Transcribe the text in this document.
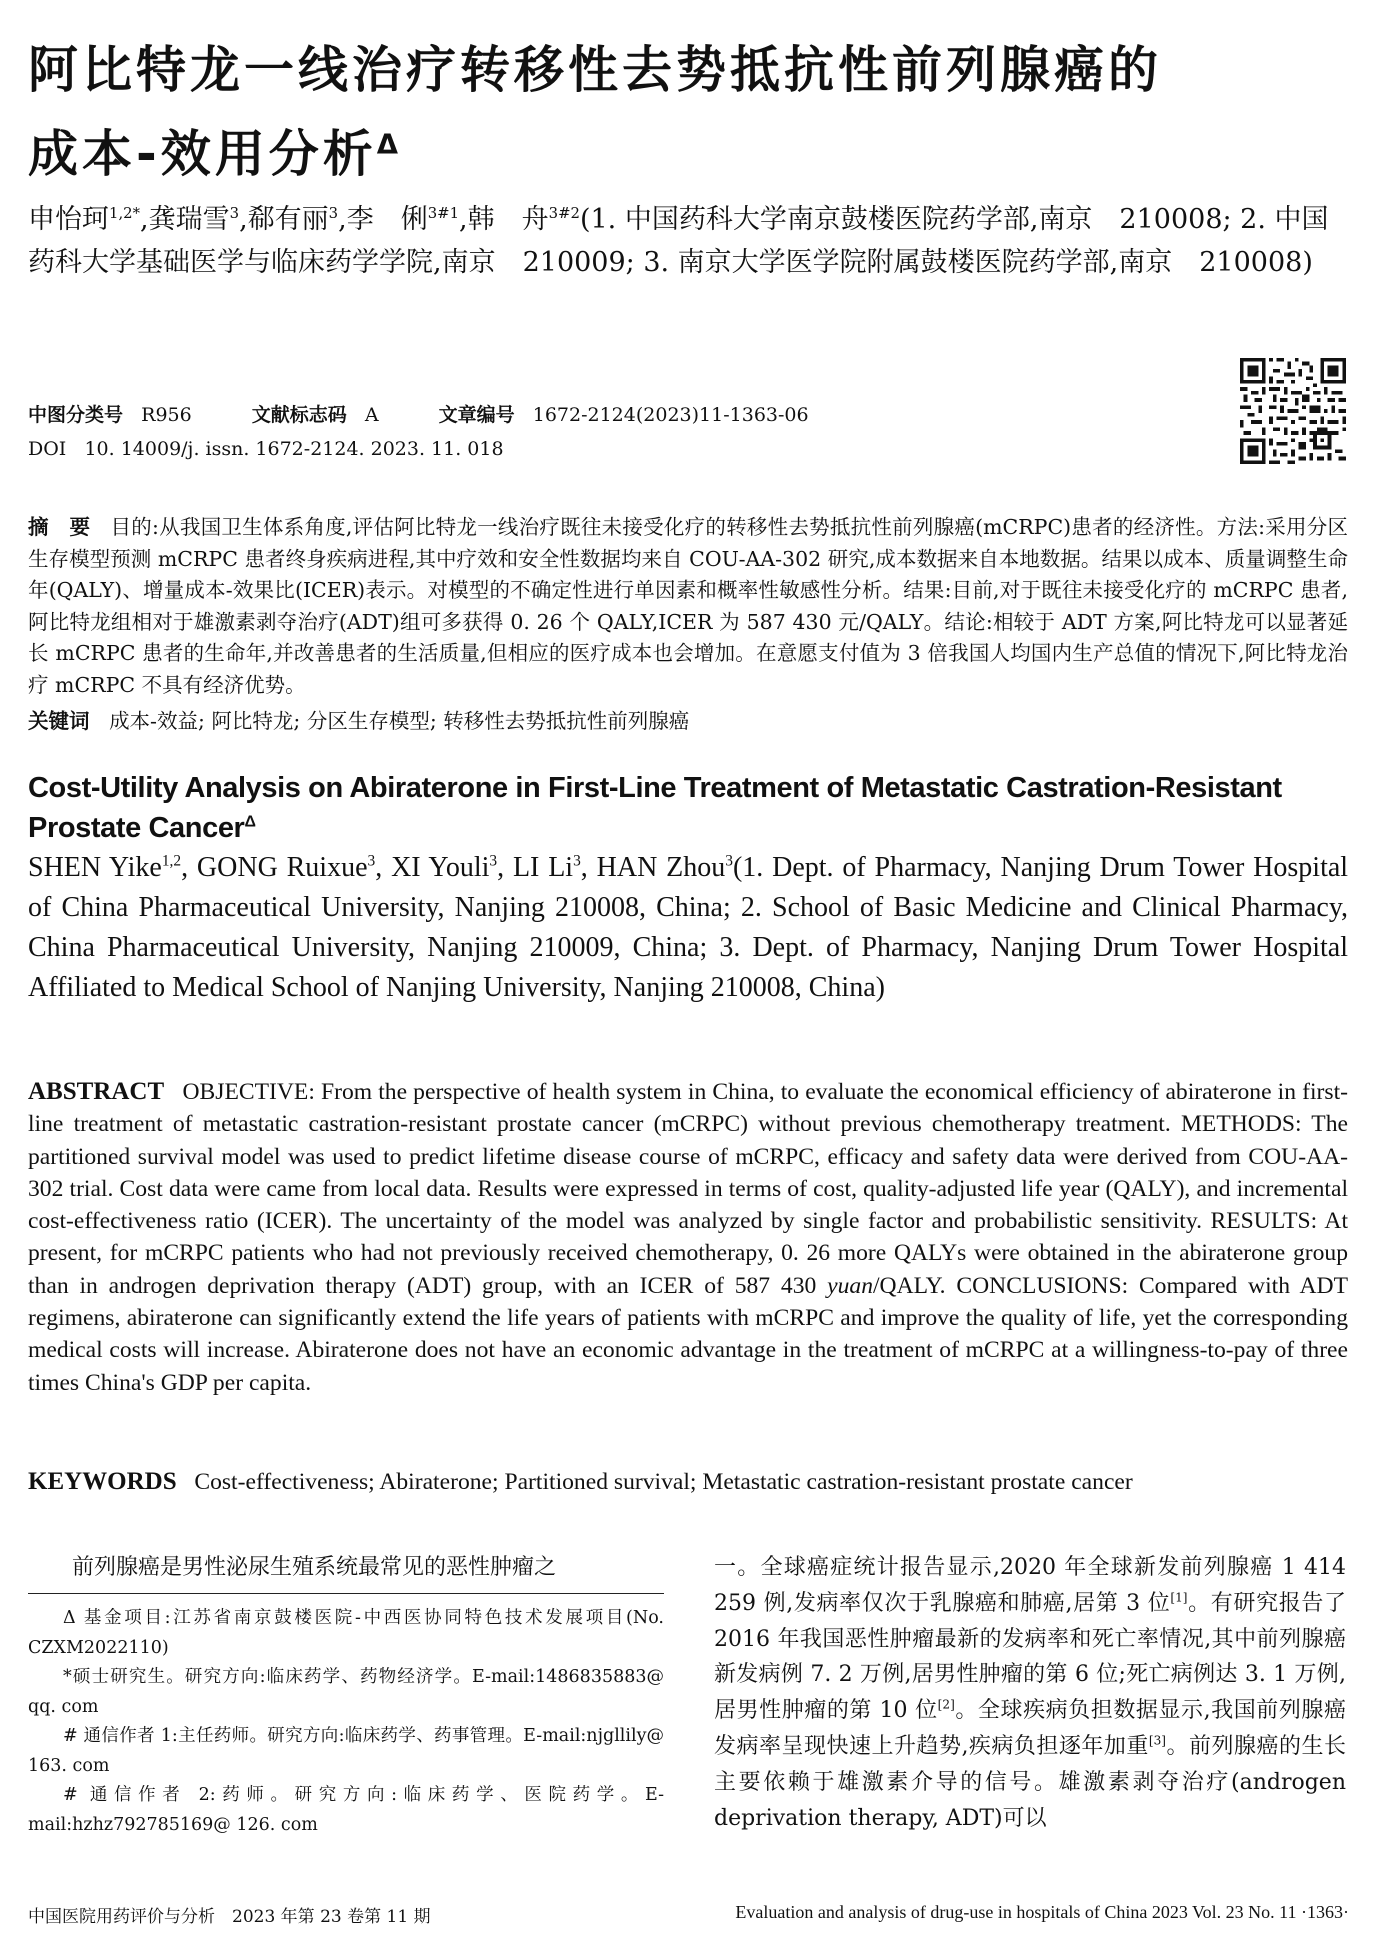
阿比特龙一线治疗转移性去势抵抗性前列腺癌的
成本-效用分析$^\Delta$
申怡珂$^{1,2*}$,龚瑞雪$^3$,郗有丽$^3$,李　俐$^{3\#1}$,韩　舟$^{3\#2}$(1. 中国药科大学南京鼓楼医院药学部,南京　210008; 2. 中国药科大学基础医学与临床药学学院,南京　210009; 3. 南京大学医学院附属鼓楼医院药学部,南京　210008)
中图分类号 R956	文献标志码 A	文章编号 1672-2124(2023)11-1363-06
DOI 10. 14009/j. issn. 1672-2124. 2023. 11. 018
摘　要 目的:从我国卫生体系角度,评估阿比特龙一线治疗既往未接受化疗的转移性去势抵抗性前列腺癌(mCRPC)患者的经济性。方法:采用分区生存模型预测 mCRPC 患者终身疾病进程,其中疗效和安全性数据均来自 COU-AA-302 研究,成本数据来自本地数据。结果以成本、质量调整生命年(QALY)、增量成本-效果比(ICER)表示。对模型的不确定性进行单因素和概率性敏感性分析。结果:目前,对于既往未接受化疗的 mCRPC 患者,阿比特龙组相对于雄激素剥夺治疗(ADT)组可多获得 0. 26 个 QALY,ICER 为 587 430 元/QALY。结论:相较于 ADT 方案,阿比特龙可以显著延长 mCRPC 患者的生命年,并改善患者的生活质量,但相应的医疗成本也会增加。在意愿支付值为 3 倍我国人均国内生产总值的情况下,阿比特龙治疗 mCRPC 不具有经济优势。
关键词 成本-效益; 阿比特龙; 分区生存模型; 转移性去势抵抗性前列腺癌
Cost-Utility Analysis on Abiraterone in First-Line Treatment of Metastatic Castration-Resistant Prostate Cancer$^\Delta$
SHEN Yike$^{1,2}$, GONG Ruixue$^3$, XI Youli$^3$, LI Li$^3$, HAN Zhou$^3$(1. Dept. of Pharmacy, Nanjing Drum Tower Hospital of China Pharmaceutical University, Nanjing 210008, China; 2. School of Basic Medicine and Clinical Pharmacy, China Pharmaceutical University, Nanjing 210009, China; 3. Dept. of Pharmacy, Nanjing Drum Tower Hospital Affiliated to Medical School of Nanjing University, Nanjing 210008, China)
ABSTRACT OBJECTIVE: From the perspective of health system in China, to evaluate the economical efficiency of abiraterone in first-line treatment of metastatic castration-resistant prostate cancer (mCRPC) without previous chemotherapy treatment. METHODS: The partitioned survival model was used to predict lifetime disease course of mCRPC, efficacy and safety data were derived from COU-AA-302 trial. Cost data were came from local data. Results were expressed in terms of cost, quality-adjusted life year (QALY), and incremental cost-effectiveness ratio (ICER). The uncertainty of the model was analyzed by single factor and probabilistic sensitivity. RESULTS: At present, for mCRPC patients who had not previously received chemotherapy, 0. 26 more QALYs were obtained in the abiraterone group than in androgen deprivation therapy (ADT) group, with an ICER of 587 430 yuan/QALY. CONCLUSIONS: Compared with ADT regimens, abiraterone can significantly extend the life years of patients with mCRPC and improve the quality of life, yet the corresponding medical costs will increase. Abiraterone does not have an economic advantage in the treatment of mCRPC at a willingness-to-pay of three times China's GDP per capita.
KEYWORDS Cost-effectiveness; Abiraterone; Partitioned survival; Metastatic castration-resistant prostate cancer
前列腺癌是男性泌尿生殖系统最常见的恶性肿瘤之

Δ 基金项目:江苏省南京鼓楼医院-中西医协同特色技术发展项目(No. CZXM2022110)

*硕士研究生。研究方向:临床药学、药物经济学。E-mail:1486835883@ qq. com

# 通信作者 1:主任药师。研究方向:临床药学、药事管理。E-mail:njgllily@ 163. com

# 通信作者 2:药师。研究方向:临床药学、医院药学。E-mail:hzhz792785169@ 126. com

一。全球癌症统计报告显示,2020 年全球新发前列腺癌 1 414 259 例,发病率仅次于乳腺癌和肺癌,居第 3 位[1]。有研究报告了 2016 年我国恶性肿瘤最新的发病率和死亡率情况,其中前列腺癌新发病例 7. 2 万例,居男性肿瘤的第 6 位;死亡病例达 3. 1 万例,居男性肿瘤的第 10 位[2]。全球疾病负担数据显示,我国前列腺癌发病率呈现快速上升趋势,疾病负担逐年加重[3]。前列腺癌的生长主要依赖于雄激素介导的信号。雄激素剥夺治疗(androgen deprivation therapy, ADT)可以
中国医院用药评价与分析　2023 年第 23 卷第 11 期	Evaluation and analysis of drug-use in hospitals of China 2023 Vol. 23 No. 11 ·1363·
